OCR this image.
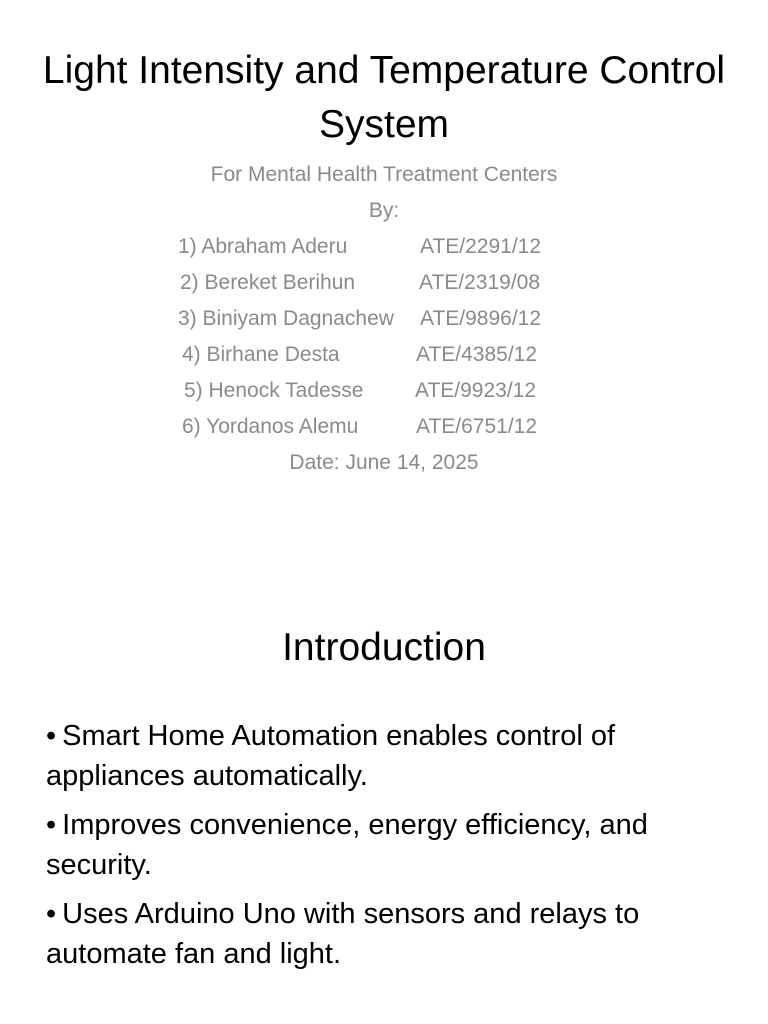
Light Intensity and Temperature Control System
For Mental Health Treatment Centers
By:
1) Abraham Aderu	ATE/2291/12
2) Bereket Berihun	ATE/2319/08
3) Biniyam Dagnachew ATE/9896/12
4) Birhane Desta	ATE/4385/12
5) Henock Tadesse ATE/9923/12
6) Yordanos Alemu	ATE/6751/12
Date: June 14, 2025
Introduction
• Smart Home Automation enables control of appliances automatically.
• Improves convenience, energy efficiency, and security.
• Uses Arduino Uno with sensors and relays to automate fan and light.
